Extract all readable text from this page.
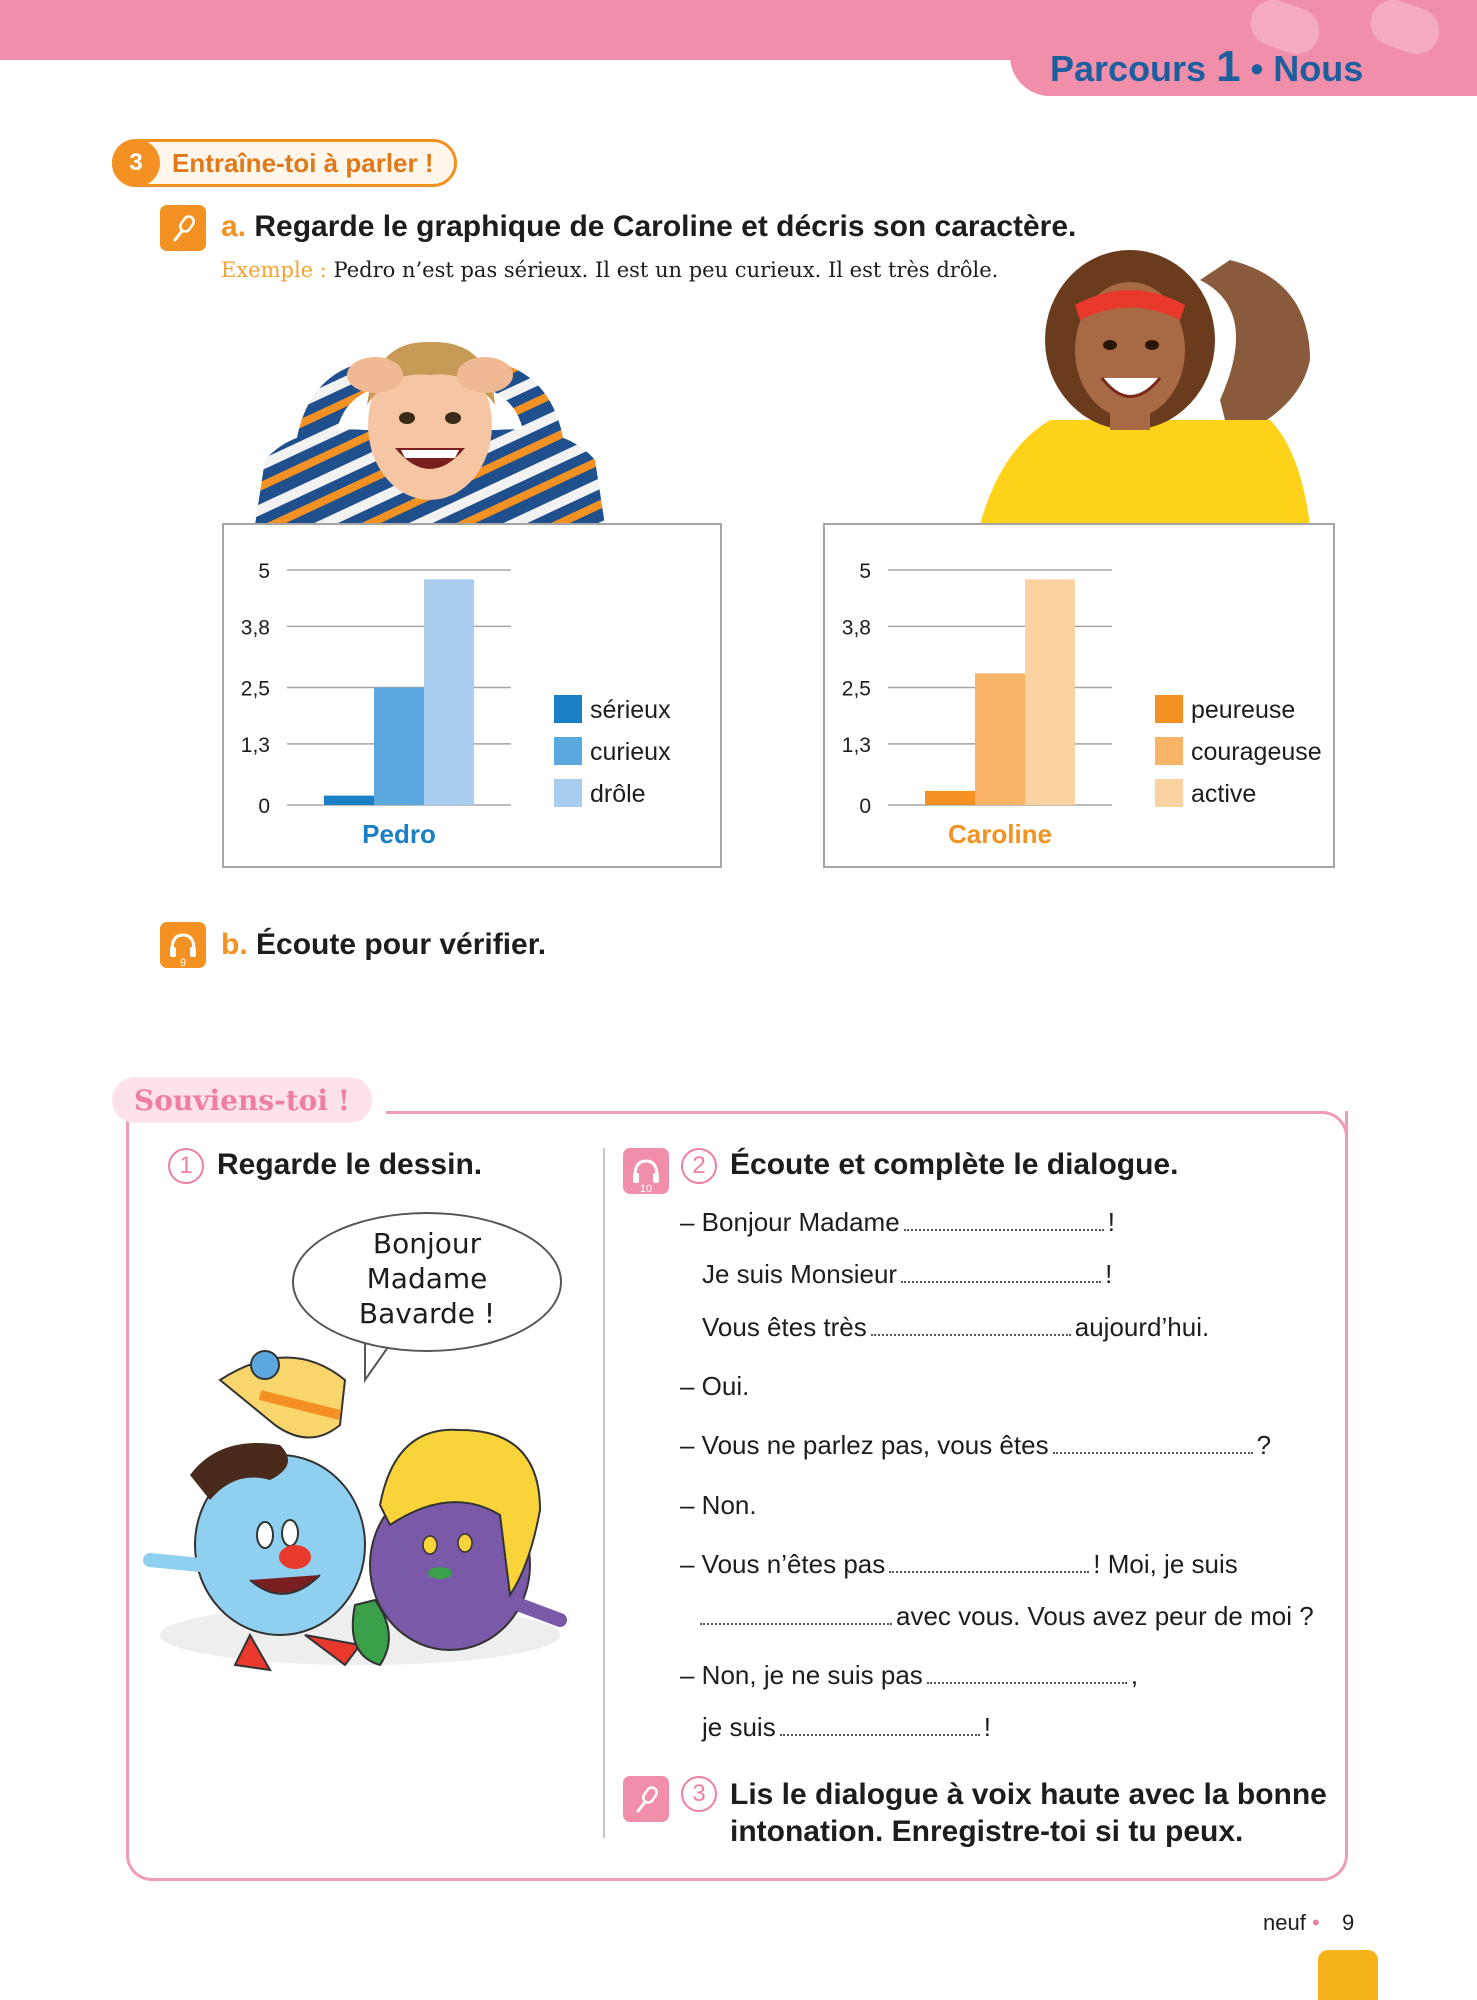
Parcours 1 • Nous
3	Entraîne-toi à parler !
a. Regarde le graphique de Caroline et décris son caractère.
Exemple : Pedro n’est pas sérieux. Il est un peu curieux. Il est très drôle.
0
1,3
2,5
3,8
5
Pedro
sérieux
curieux
drôle	0
1,3
2,5
3,8
5
Caroline
peureuse
courageuse
active
9
b. Écoute pour vérifier.
Souviens-toi !
1 Regarde le dessin.
Bonjour
Madame
Bavarde !
10
2 Écoute et complète le dialogue.
– Bonjour Madame	!
Je suis Monsieur	!
Vous êtes très	aujourd’hui.
– Oui.
– Vous ne parlez pas, vous êtes	?
– Non.
– Vous n’êtes pas	! Moi, je suis
avec vous. Vous avez peur de moi ?
– Non, je ne suis pas	,
je suis	!
3 Lis le dialogue à voix haute avec la bonne
intonation. Enregistre-toi si tu peux.
neuf • 9
